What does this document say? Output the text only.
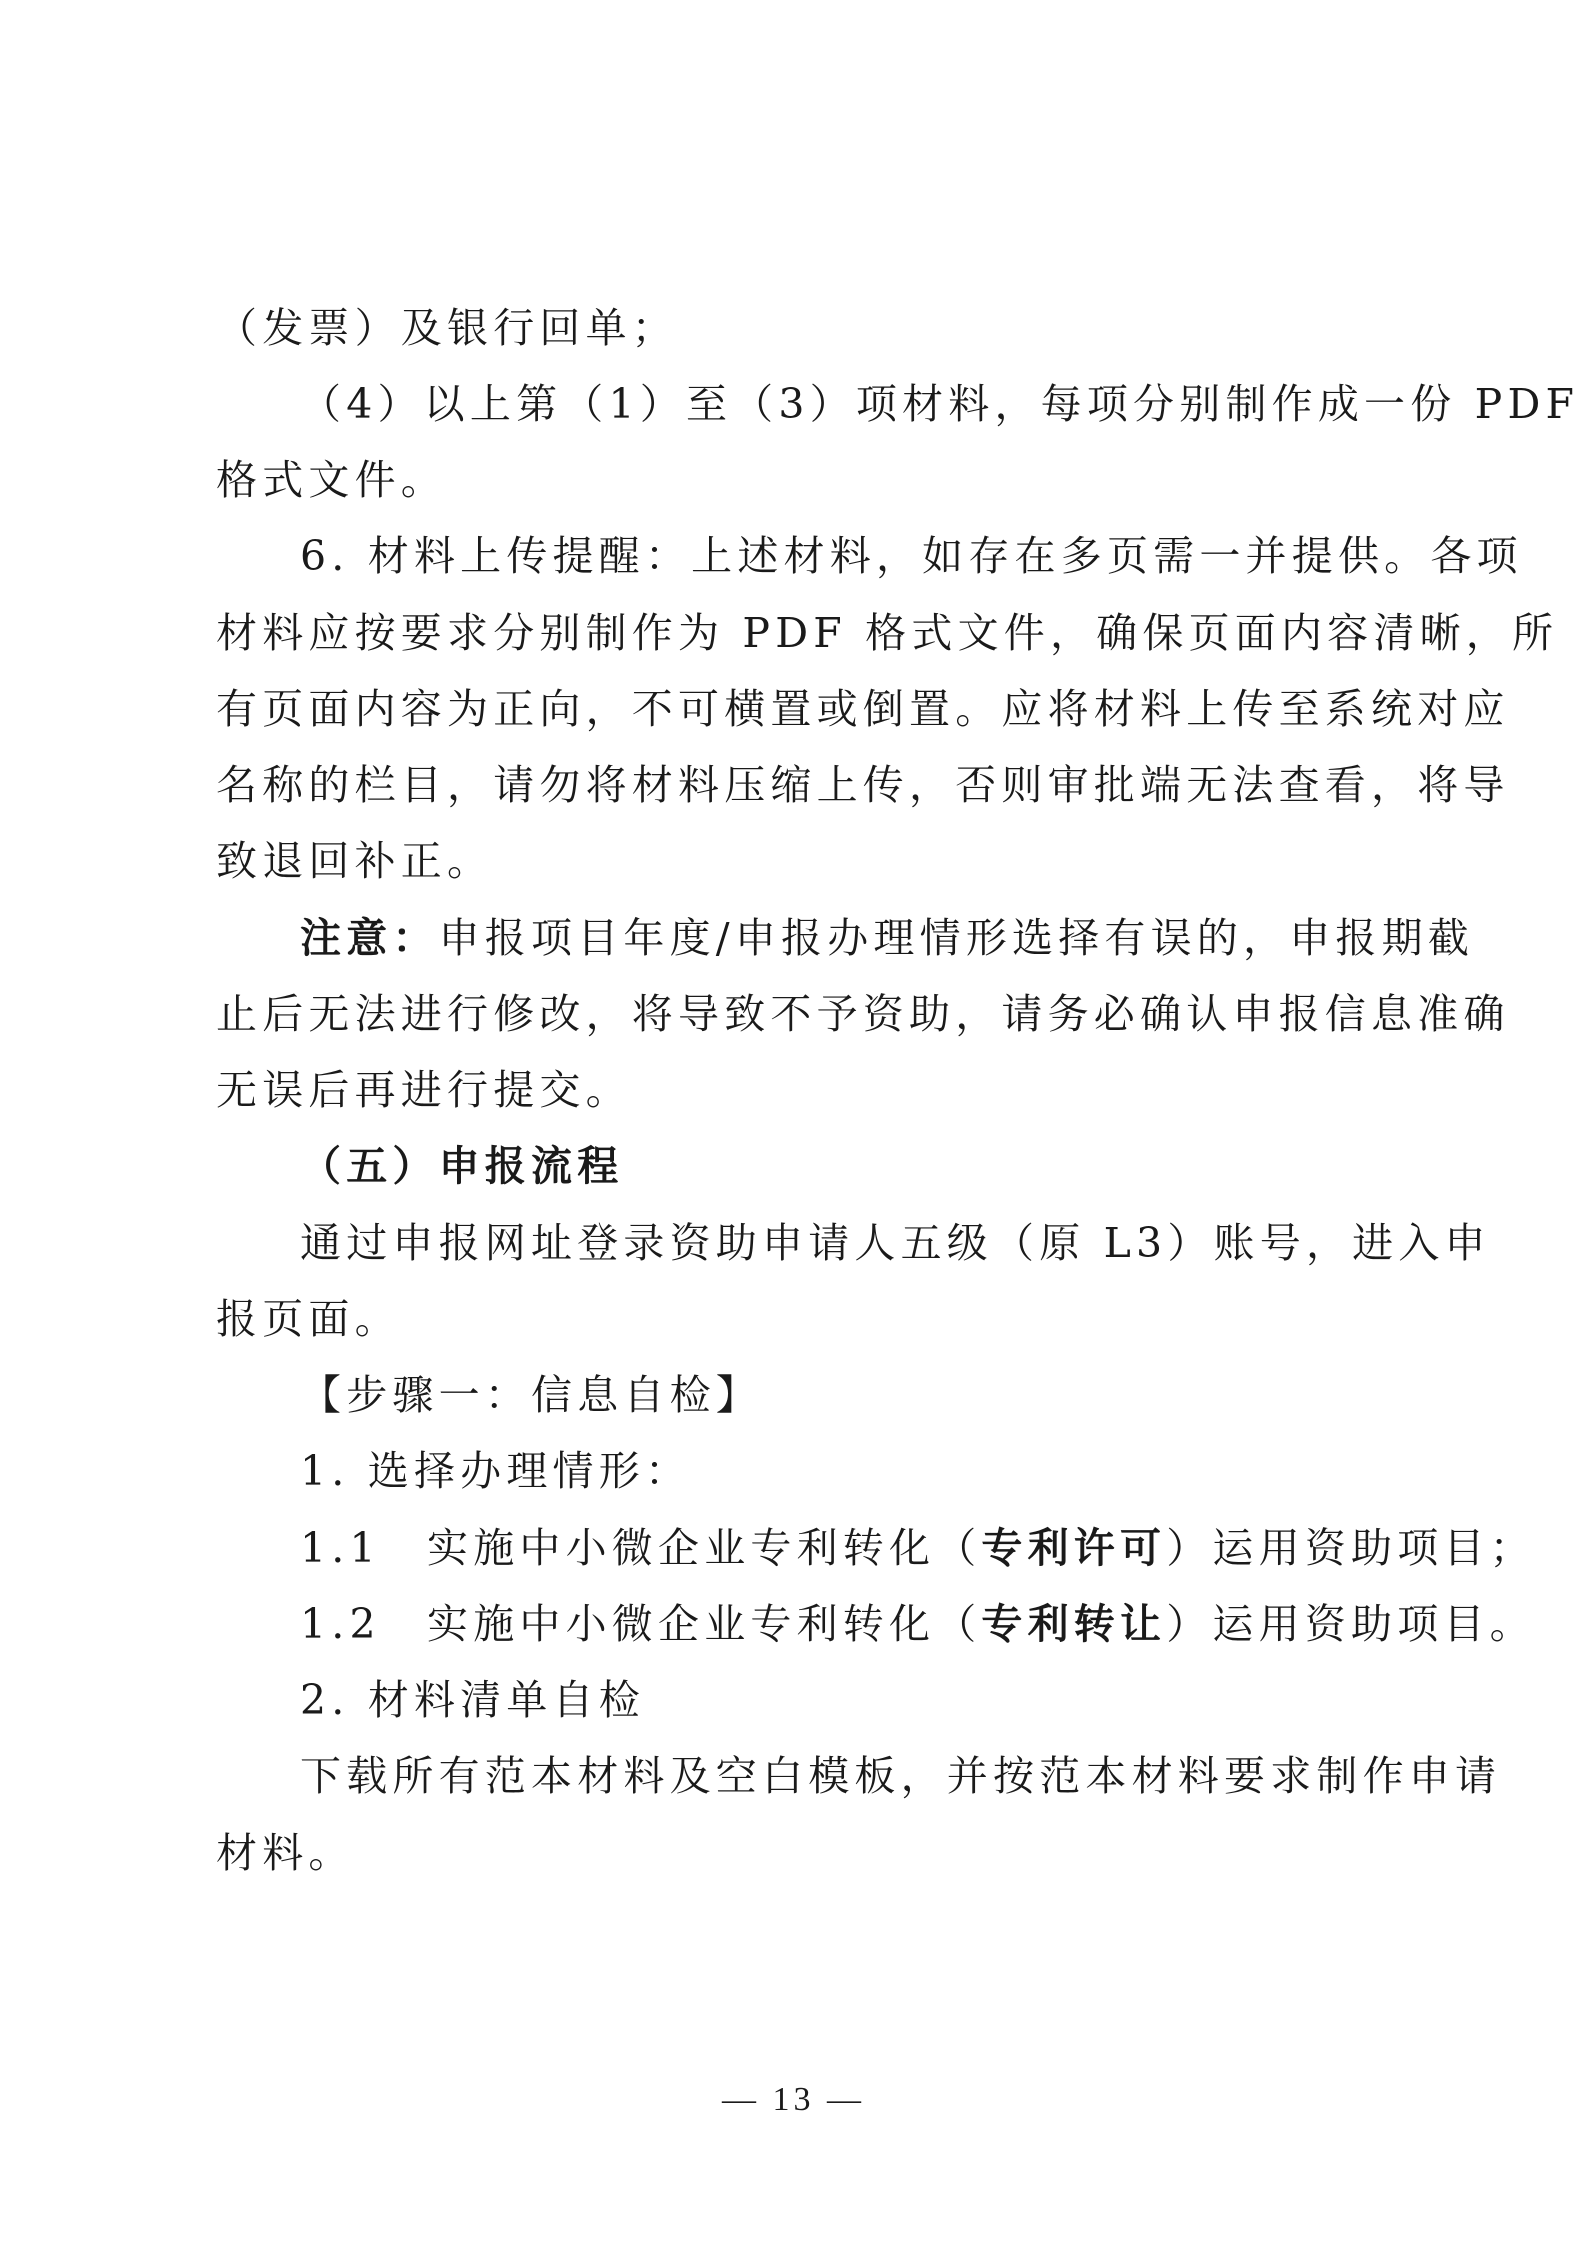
（发票）及银行回单；
（4）以上第（1）至（3）项材料，每项分别制作成一份 PDF
格式文件。
6. 材料上传提醒：上述材料，如存在多页需一并提供。各项
材料应按要求分别制作为 PDF 格式文件，确保页面内容清晰，所
有页面内容为正向，不可横置或倒置。应将材料上传至系统对应
名称的栏目，请勿将材料压缩上传，否则审批端无法查看，将导
致退回补正。
注意：申报项目年度/申报办理情形选择有误的，申报期截
止后无法进行修改，将导致不予资助，请务必确认申报信息准确
无误后再进行提交。
（五）申报流程
通过申报网址登录资助申请人五级（原 L3）账号，进入申
报页面。
【步骤一：信息自检】
1. 选择办理情形：
1.1　实施中小微企业专利转化（专利许可）运用资助项目；
1.2　实施中小微企业专利转化（专利转让）运用资助项目。
2. 材料清单自检
下载所有范本材料及空白模板，并按范本材料要求制作申请
材料。
— 13 —
